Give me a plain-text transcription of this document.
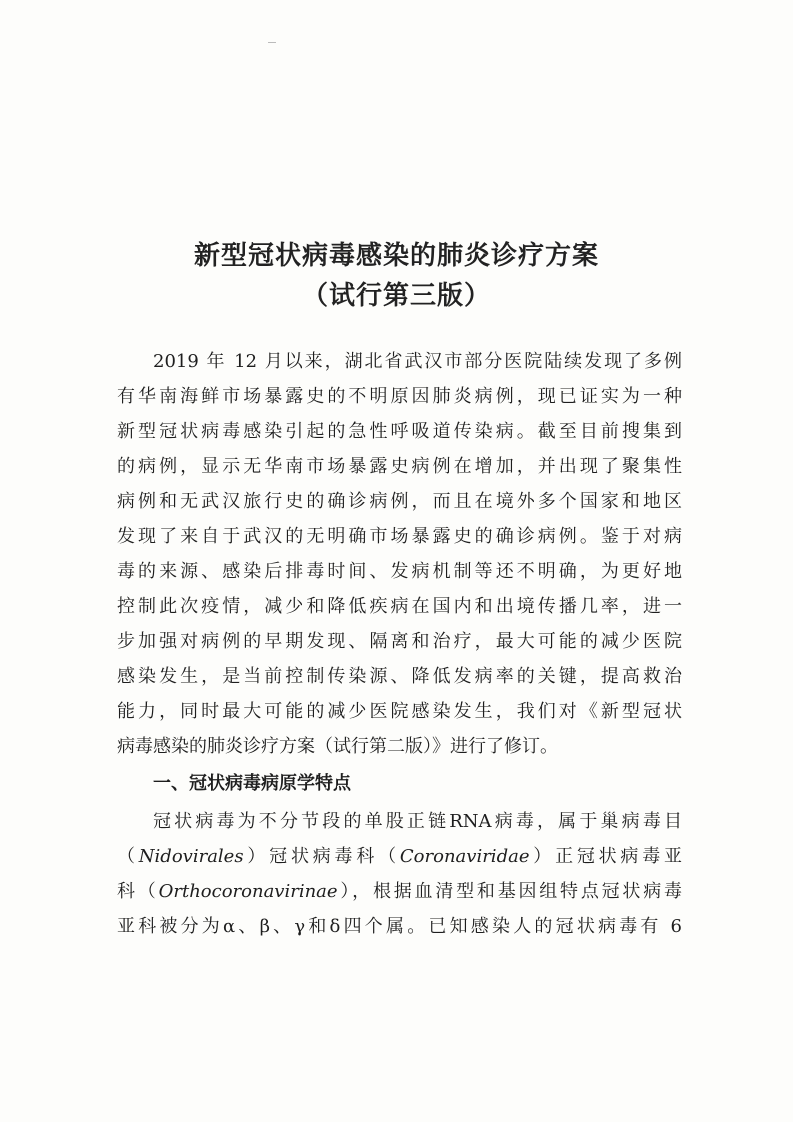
新型冠状病毒感染的肺炎诊疗方案
（试行第三版）
2019 年 12 月以来，湖北省武汉市部分医院陆续发现了多例
有华南海鲜市场暴露史的不明原因肺炎病例，现已证实为一种
新型冠状病毒感染引起的急性呼吸道传染病。截至目前搜集到
的病例，显示无华南市场暴露史病例在增加，并出现了聚集性
病例和无武汉旅行史的确诊病例，而且在境外多个国家和地区
发现了来自于武汉的无明确市场暴露史的确诊病例。鉴于对病
毒的来源、感染后排毒时间、发病机制等还不明确，为更好地
控制此次疫情，减少和降低疾病在国内和出境传播几率，进一
步加强对病例的早期发现、隔离和治疗，最大可能的减少医院
感染发生，是当前控制传染源、降低发病率的关键，提高救治
能力，同时最大可能的减少医院感染发生，我们对《新型冠状
病毒感染的肺炎诊疗方案（试行第二版）》进行了修订。
一、冠状病毒病原学特点
冠状病毒为不分节段的单股正链RNA病毒，属于巢病毒目
（Nidovirales）冠状病毒科（Coronaviridae）正冠状病毒亚
科（Orthocoronavirinae），根据血清型和基因组特点冠状病毒
亚科被分为α、β、γ和δ四个属。已知感染人的冠状病毒有 6
